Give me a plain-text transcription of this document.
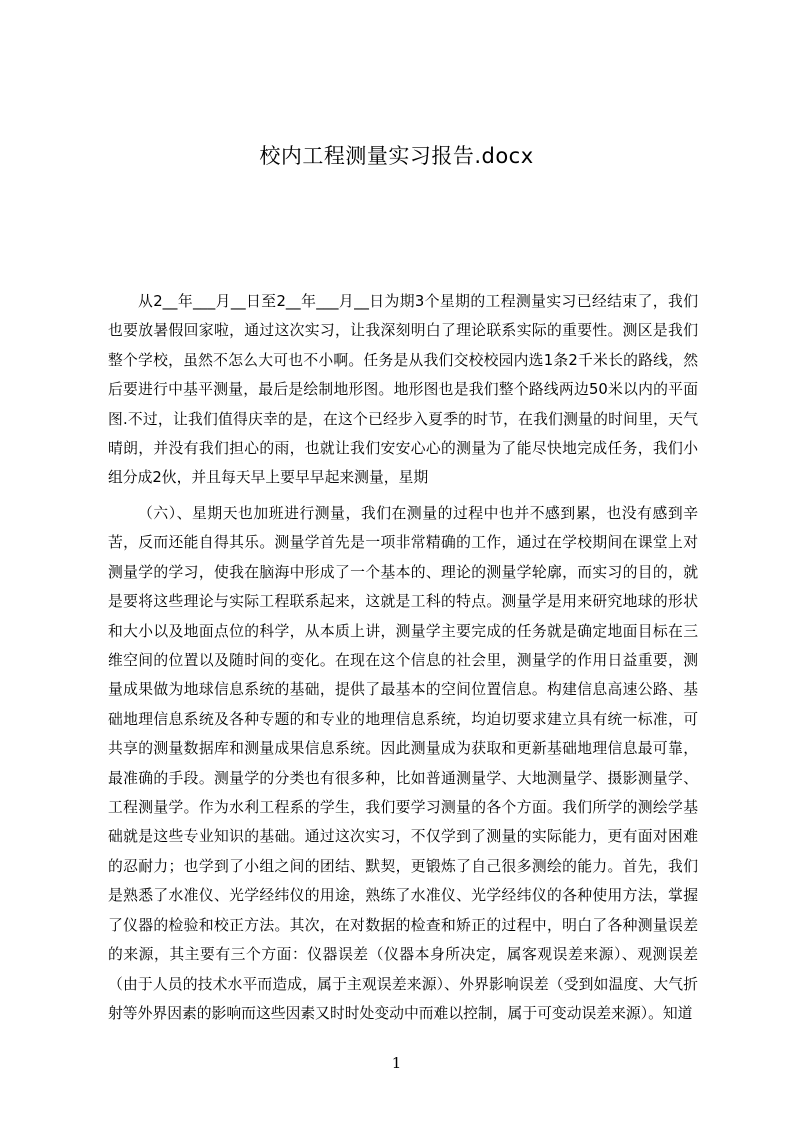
校内工程测量实习报告.docx

从2__年___月__日至2__年___月__日为期3个星期的工程测量实习已经结束了，我们也要放暑假回家啦，通过这次实习，让我深刻明白了理论联系实际的重要性。测区是我们整个学校，虽然不怎么大可也不小啊。任务是从我们交校校园内选1条2千米长的路线，然后要进行中基平测量，最后是绘制地形图。地形图也是我们整个路线两边50米以内的平面图.不过，让我们值得庆幸的是，在这个已经步入夏季的时节，在我们测量的时间里，天气晴朗，并没有我们担心的雨，也就让我们安安心心的测量为了能尽快地完成任务，我们小组分成2伙，并且每天早上要早早起来测量，星期

（六）、星期天也加班进行测量，我们在测量的过程中也并不感到累，也没有感到辛苦，反而还能自得其乐。测量学首先是一项非常精确的工作，通过在学校期间在课堂上对测量学的学习，使我在脑海中形成了一个基本的、理论的测量学轮廓，而实习的目的，就是要将这些理论与实际工程联系起来，这就是工科的特点。测量学是用来研究地球的形状和大小以及地面点位的科学，从本质上讲，测量学主要完成的任务就是确定地面目标在三维空间的位置以及随时间的变化。在现在这个信息的社会里，测量学的作用日益重要，测量成果做为地球信息系统的基础，提供了最基本的空间位置信息。构建信息高速公路、基础地理信息系统及各种专题的和专业的地理信息系统，均迫切要求建立具有统一标准，可共享的测量数据库和测量成果信息系统。因此测量成为获取和更新基础地理信息最可靠，最准确的手段。测量学的分类也有很多种，比如普通测量学、大地测量学、摄影测量学、工程测量学。作为水利工程系的学生，我们要学习测量的各个方面。我们所学的测绘学基础就是这些专业知识的基础。通过这次实习，不仅学到了测量的实际能力，更有面对困难的忍耐力；也学到了小组之间的团结、默契，更锻炼了自己很多测绘的能力。首先，我们是熟悉了水准仪、光学经纬仪的用途，熟练了水准仪、光学经纬仪的各种使用方法，掌握了仪器的检验和校正方法。其次，在对数据的检查和矫正的过程中，明白了各种测量误差的来源，其主要有三个方面：仪器误差（仪器本身所决定，属客观误差来源）、观测误差（由于人员的技术水平而造成，属于主观误差来源）、外界影响误差（受到如温度、大气折射等外界因素的影响而这些因素又时时处变动中而难以控制，属于可变动误差来源）。知道

1
